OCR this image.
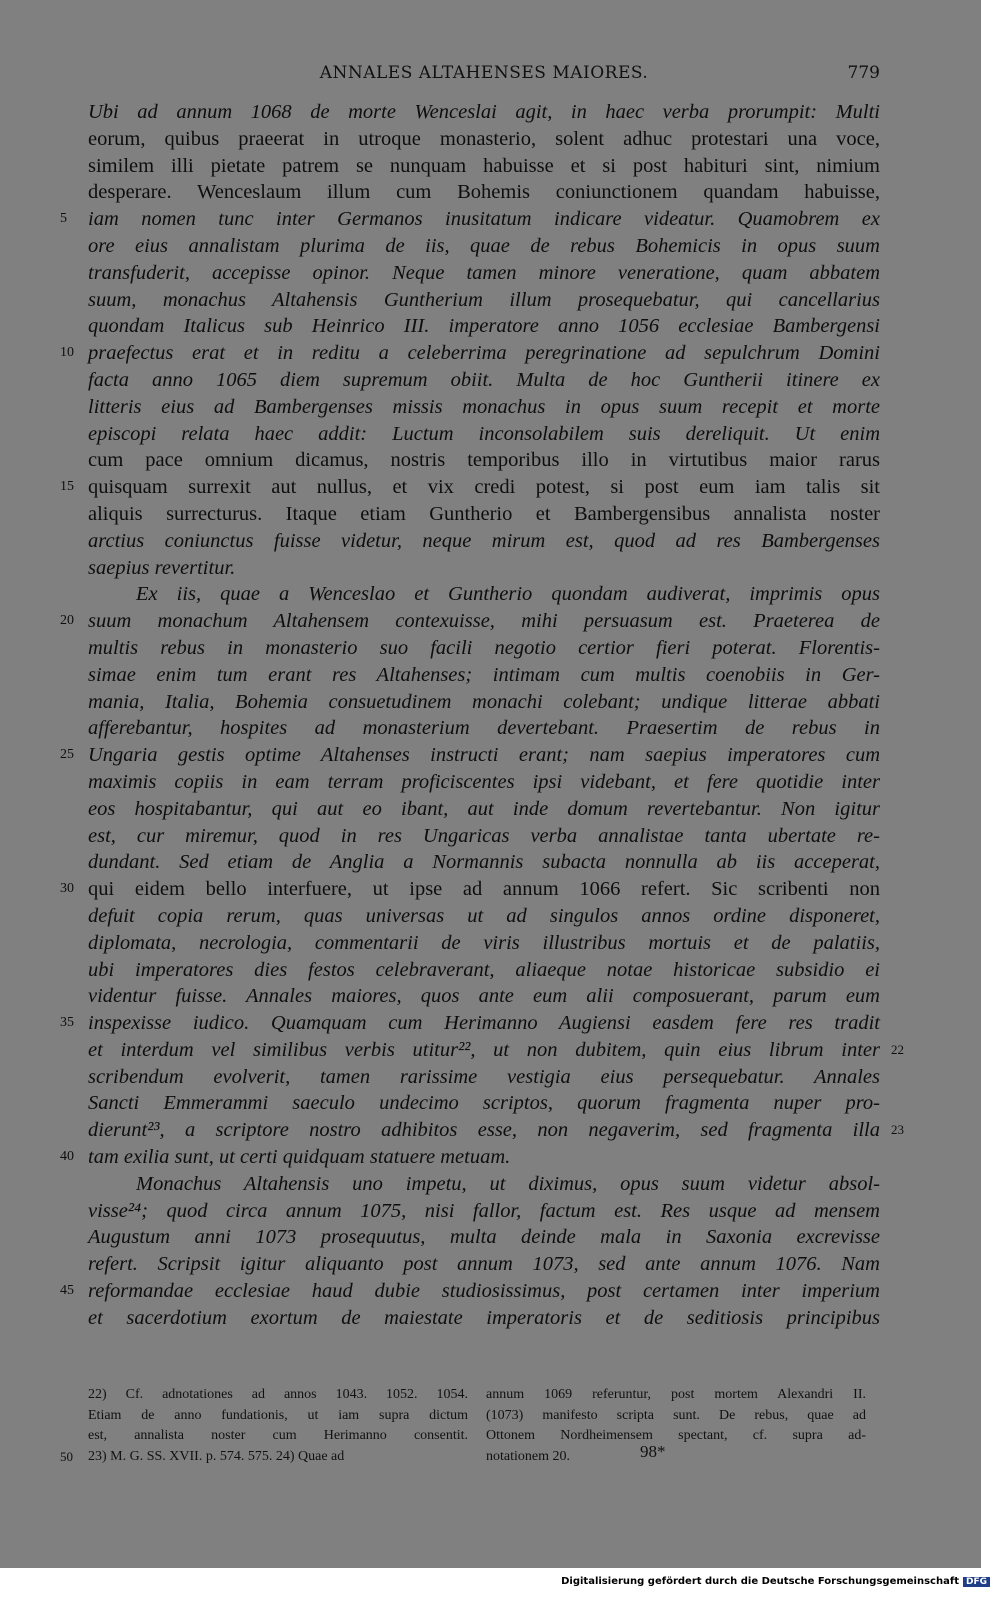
ANNALES ALTAHENSES MAIORES.	779
Ubi ad annum 1068 de morte Wenceslai agit, in haec verba prorumpit: Multi
eorum, quibus praeerat in utroque monasterio, solent adhuc protestari una voce,
similem illi pietate patrem se nunquam habuisse et si post habituri sint, nimium
desperare. Wenceslaum illum cum Bohemis coniunctionem quandam habuisse,
5	iam nomen tunc inter Germanos inusitatum indicare videatur. Quamobrem ex
ore eius annalistam plurima de iis, quae de rebus Bohemicis in opus suum
transfuderit, accepisse opinor. Neque tamen minore veneratione, quam abbatem
suum, monachus Altahensis Guntherium illum prosequebatur, qui cancellarius
quondam Italicus sub Heinrico III. imperatore anno 1056 ecclesiae Bambergensi
10 praefectus erat et in reditu a celeberrima peregrinatione ad sepulchrum Domini
facta anno 1065 diem supremum obiit. Multa de hoc Guntherii itinere ex
litteris eius ad Bambergenses missis monachus in opus suum recepit et morte
episcopi relata haec addit: Luctum inconsolabilem suis dereliquit. Ut enim
cum pace omnium dicamus, nostris temporibus illo in virtutibus maior rarus
15 quisquam surrexit aut nullus, et vix credi potest, si post eum iam talis sit
aliquis surrecturus. Itaque etiam Guntherio et Bambergensibus annalista noster
arctius coniunctus fuisse videtur, neque mirum est, quod ad res Bambergenses
saepius revertitur.
Ex iis, quae a Wenceslao et Guntherio quondam audiverat, imprimis opus
20 suum monachum Altahensem contexuisse, mihi persuasum est. Praeterea de
multis rebus in monasterio suo facili negotio certior fieri poterat. Florentis-
simae enim tum erant res Altahenses; intimam cum multis coenobiis in Ger-
mania, Italia, Bohemia consuetudinem monachi colebant; undique litterae abbati
afferebantur, hospites ad monasterium devertebant. Praesertim de rebus in
25 Ungaria gestis optime Altahenses instructi erant; nam saepius imperatores cum
maximis copiis in eam terram proficiscentes ipsi videbant, et fere quotidie inter
eos hospitabantur, qui aut eo ibant, aut inde domum revertebantur. Non igitur
est, cur miremur, quod in res Ungaricas verba annalistae tanta ubertate re-
dundant. Sed etiam de Anglia a Normannis subacta nonnulla ab iis acceperat,
30 qui eidem bello interfuere, ut ipse ad annum 1066 refert. Sic scribenti non
defuit copia rerum, quas universas ut ad singulos annos ordine disponeret,
diplomata, necrologia, commentarii de viris illustribus mortuis et de palatiis,
ubi imperatores dies festos celebraverant, aliaeque notae historicae subsidio ei
videntur fuisse. Annales maiores, quos ante eum alii composuerant, parum eum
35 inspexisse iudico. Quamquam cum Herimanno Augiensi easdem fere res tradit
et interdum vel similibus verbis utitur²², ut non dubitem, quin eius librum inter 22
scribendum evolverit, tamen rarissime vestigia eius persequebatur. Annales
Sancti Emmerammi saeculo undecimo scriptos, quorum fragmenta nuper pro-
dierunt²³, a scriptore nostro adhibitos esse, non negaverim, sed fragmenta illa 23
40 tam exilia sunt, ut certi quidquam statuere metuam.
Monachus Altahensis uno impetu, ut diximus, opus suum videtur absol-
visse²⁴; quod circa annum 1075, nisi fallor, factum est. Res usque ad mensem
Augustum anni 1073 prosequutus, multa deinde mala in Saxonia excrevisse
refert. Scripsit igitur aliquanto post annum 1073, sed ante annum 1076. Nam
45 reformandae ecclesiae haud dubie studiosissimus, post certamen inter imperium
et sacerdotium exortum de maiestate imperatoris et de seditiosis principibus
22) Cf. adnotationes ad annos 1043. 1052. 1054.
Etiam de anno fundationis, ut iam supra dictum
est, annalista noster cum Herimanno consentit.
50	23) M. G. SS. XVII. p. 574. 575. 24) Quae ad
annum 1069 referuntur, post mortem Alexandri II.
(1073) manifesto scripta sunt. De rebus, quae ad
Ottonem Nordheimensem spectant, cf. supra ad-
notationem 20.	98*
Digitalisierung gefördert durch die Deutsche Forschungsgemeinschaft DFG
